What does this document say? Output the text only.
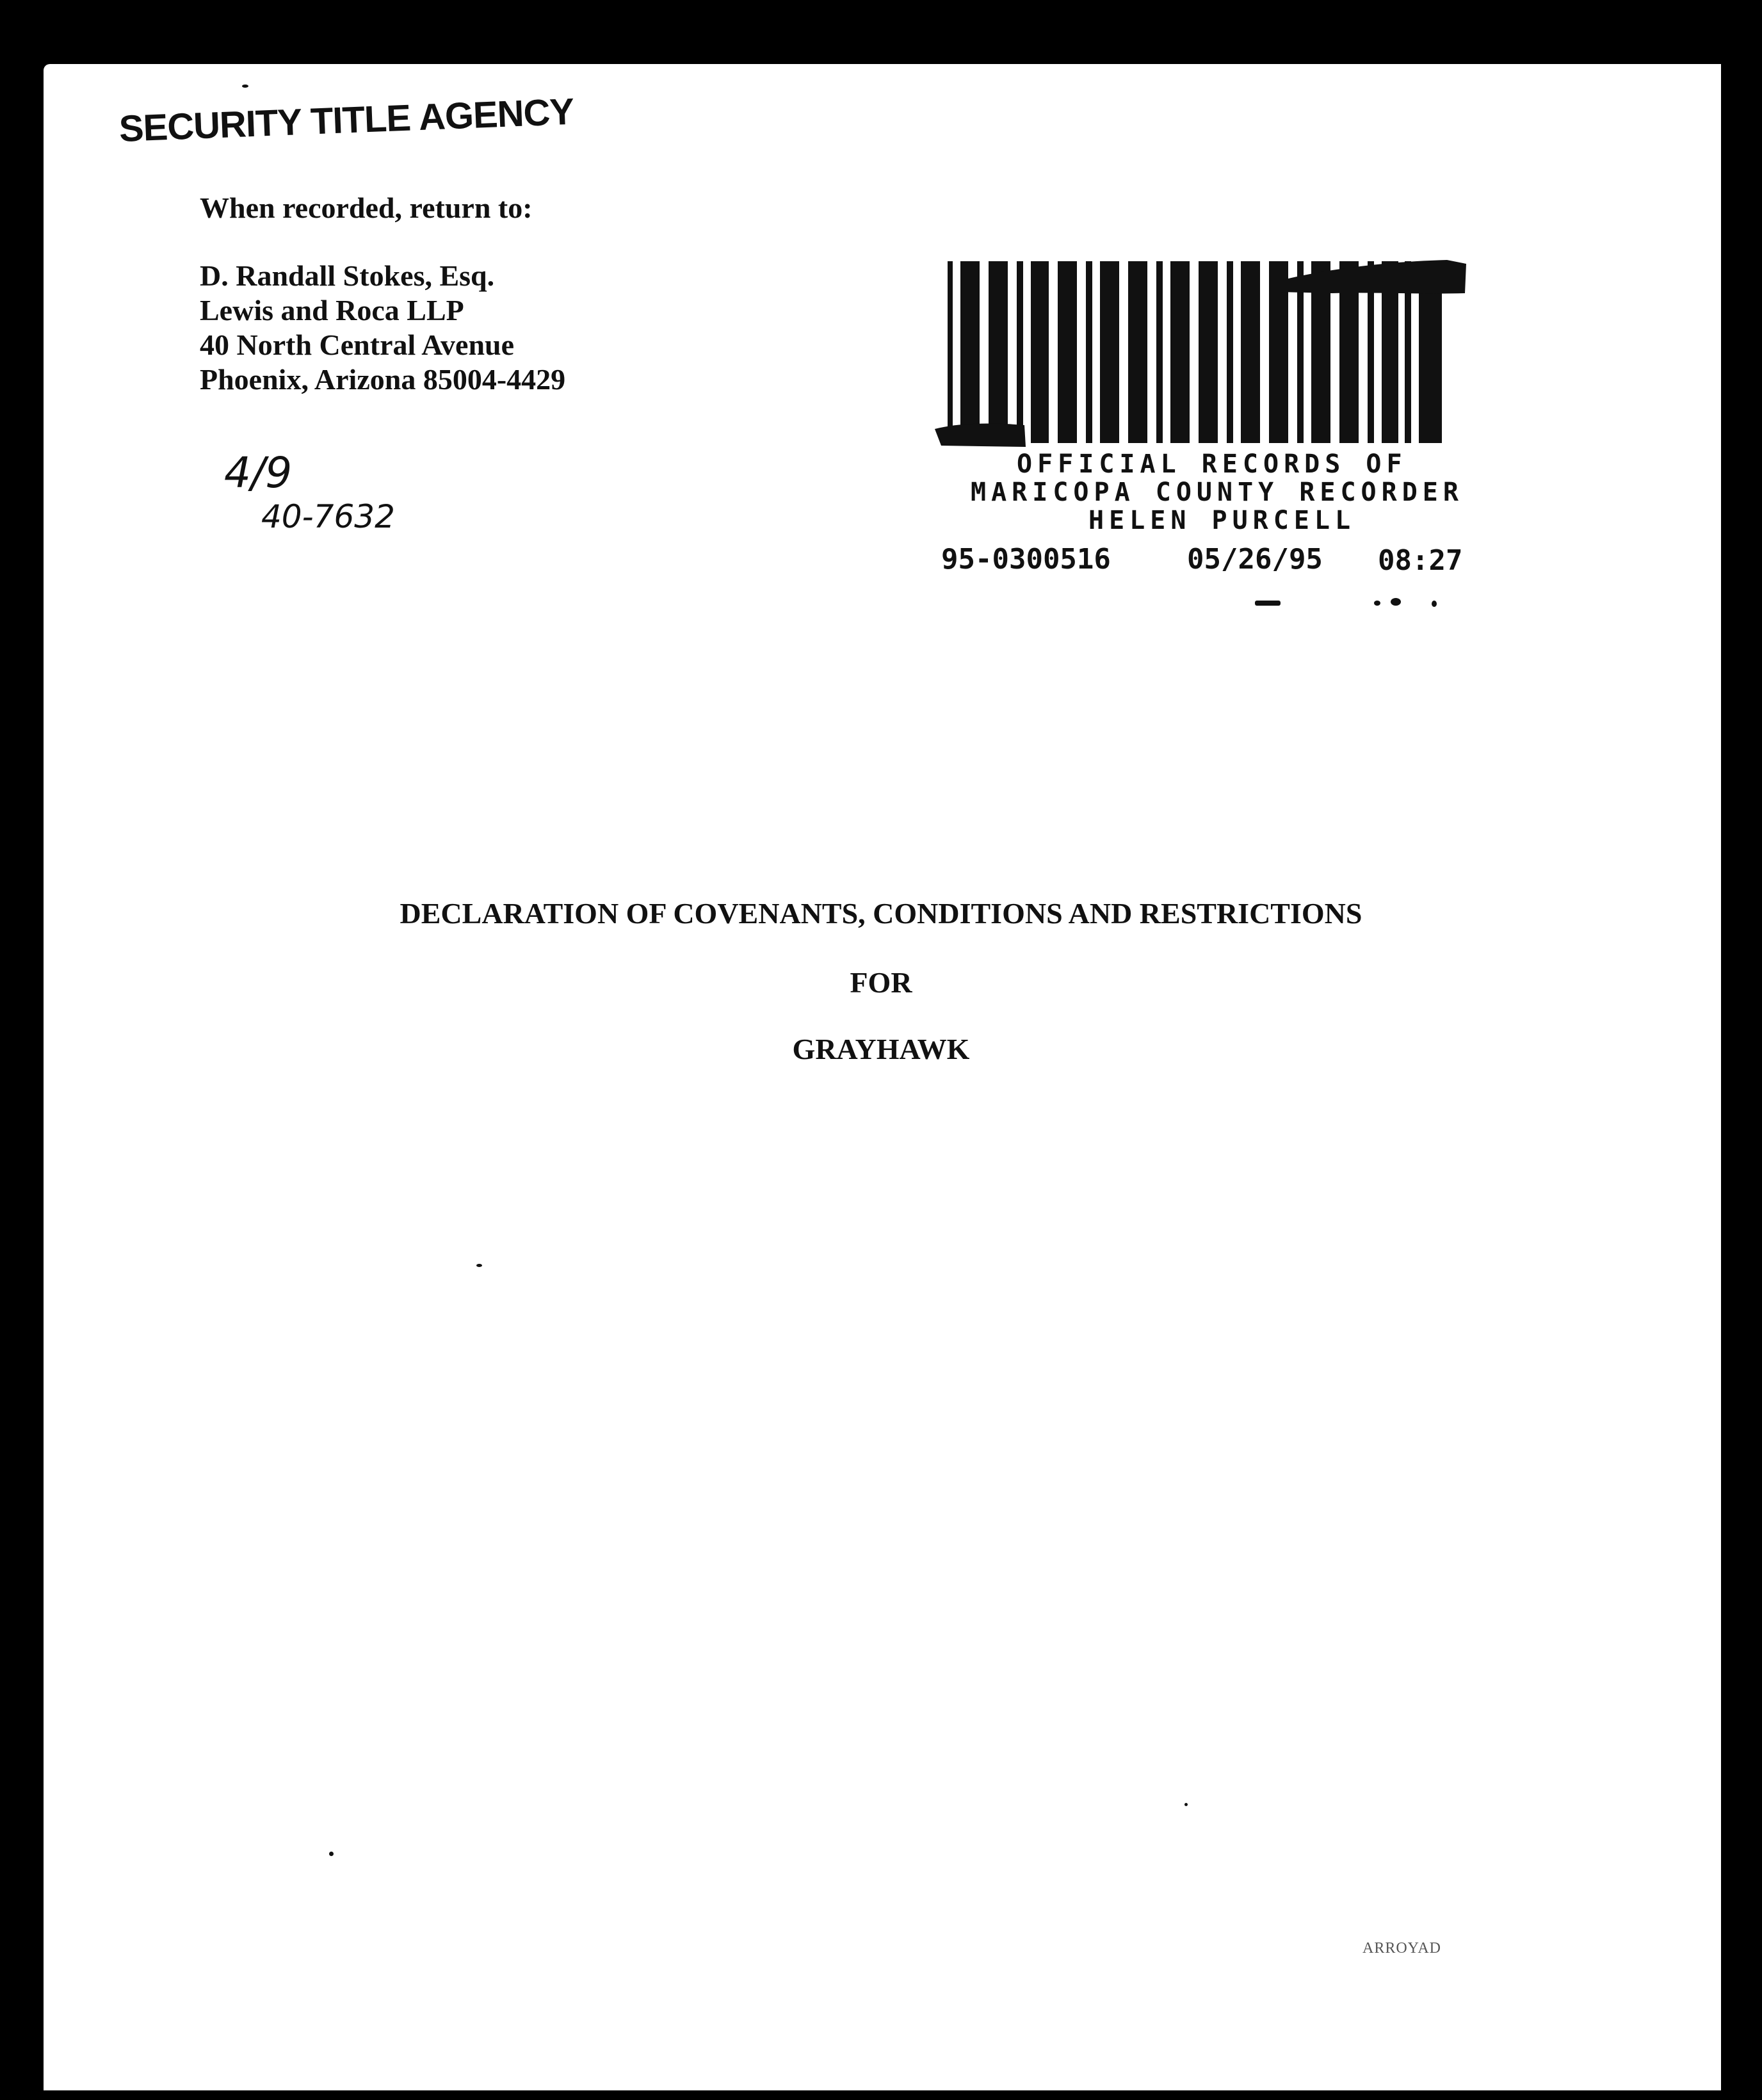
SECURITY TITLE AGENCY
When recorded, return to:
D. Randall Stokes, Esq.
Lewis and Roca LLP
40 North Central Avenue
Phoenix, Arizona 85004-4429
4/9
40-7632
OFFICIAL RECORDS OF
MARICOPA COUNTY RECORDER
HELEN PURCELL
95-0300516	05/26/95 08:27
DECLARATION OF COVENANTS, CONDITIONS AND RESTRICTIONS
FOR
GRAYHAWK
ARROYAD
